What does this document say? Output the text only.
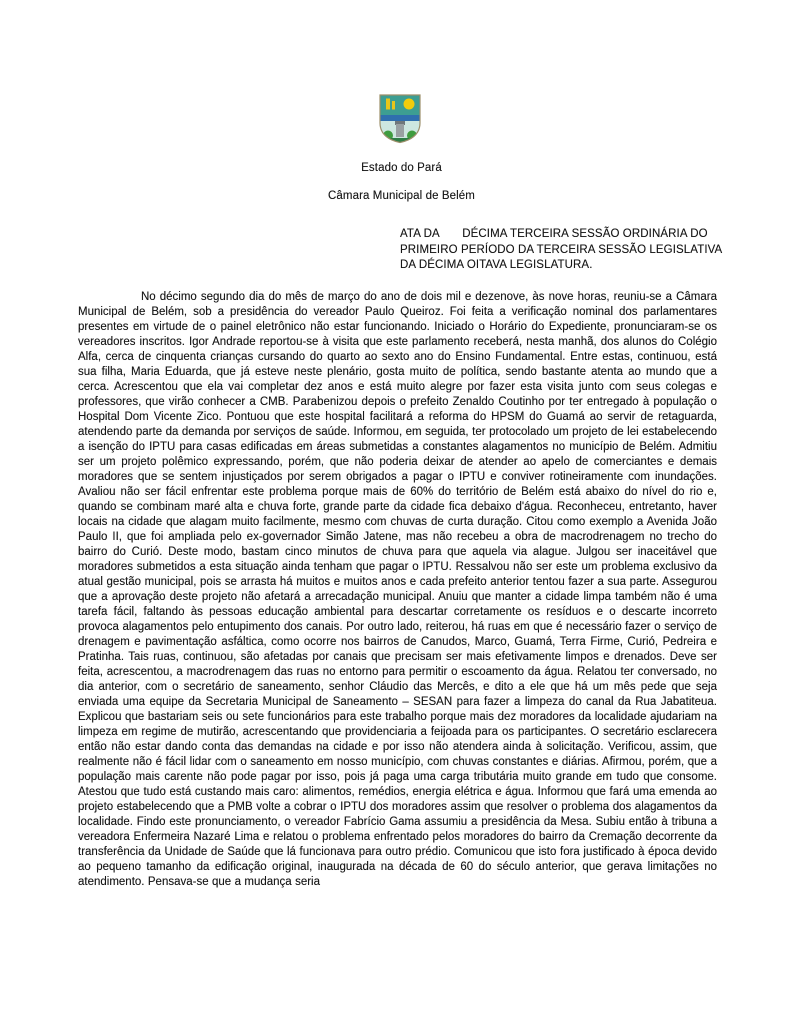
Estado do Pará
Câmara Municipal de Belém
ATA DA       DÉCIMA TERCEIRA SESSÃO ORDINÁRIA DO
PRIMEIRO PERÍODO DA TERCEIRA SESSÃO LEGISLATIVA
DA DÉCIMA OITAVA LEGISLATURA.
No décimo segundo dia do mês de março do ano de dois mil e dezenove, às nove horas, reuniu-se a Câmara Municipal de Belém, sob a presidência do vereador Paulo Queiroz. Foi feita a verificação nominal dos parlamentares presentes em virtude de o painel eletrônico não estar funcionando. Iniciado o Horário do Expediente, pronunciaram-se os vereadores inscritos. Igor Andrade reportou-se à visita que este parlamento receberá, nesta manhã, dos alunos do Colégio Alfa, cerca de cinquenta crianças cursando do quarto ao sexto ano do Ensino Fundamental. Entre estas, continuou, está sua filha, Maria Eduarda, que já esteve neste plenário, gosta muito de política, sendo bastante atenta ao mundo que a cerca. Acrescentou que ela vai completar dez anos e está muito alegre por fazer esta visita junto com seus colegas e professores, que virão conhecer a CMB. Parabenizou depois o prefeito Zenaldo Coutinho por ter entregado à população o Hospital Dom Vicente Zico. Pontuou que este hospital facilitará a reforma do HPSM do Guamá ao servir de retaguarda, atendendo parte da demanda por serviços de saúde. Informou, em seguida, ter protocolado um projeto de lei estabelecendo a isenção do IPTU para casas edificadas em áreas submetidas a constantes alagamentos no município de Belém. Admitiu ser um projeto polêmico expressando, porém, que não poderia deixar de atender ao apelo de comerciantes e demais moradores que se sentem injustiçados por serem obrigados a pagar o IPTU e conviver rotineiramente com inundações. Avaliou não ser fácil enfrentar este problema porque mais de 60% do território de Belém está abaixo do nível do rio e, quando se combinam maré alta e chuva forte, grande parte da cidade fica debaixo d'água. Reconheceu, entretanto, haver locais na cidade que alagam muito facilmente, mesmo com chuvas de curta duração. Citou como exemplo a Avenida João Paulo II, que foi ampliada pelo ex-governador Simão Jatene, mas não recebeu a obra de macrodrenagem no trecho do bairro do Curió. Deste modo, bastam cinco minutos de chuva para que aquela via alague. Julgou ser inaceitável que moradores submetidos a esta situação ainda tenham que pagar o IPTU. Ressalvou não ser este um problema exclusivo da atual gestão municipal, pois se arrasta há muitos e muitos anos e cada prefeito anterior tentou fazer a sua parte. Assegurou que a aprovação deste projeto não afetará a arrecadação municipal. Anuiu que manter a cidade limpa também não é uma tarefa fácil, faltando às pessoas educação ambiental para descartar corretamente os resíduos e o descarte incorreto provoca alagamentos pelo entupimento dos canais. Por outro lado, reiterou, há ruas em que é necessário fazer o serviço de drenagem e pavimentação asfáltica, como ocorre nos bairros de Canudos, Marco, Guamá, Terra Firme, Curió, Pedreira e Pratinha. Tais ruas, continuou, são afetadas por canais que precisam ser mais efetivamente limpos e drenados. Deve ser feita, acrescentou, a macrodrenagem das ruas no entorno para permitir o escoamento da água. Relatou ter conversado, no dia anterior, com o secretário de saneamento, senhor Cláudio das Mercês, e dito a ele que há um mês pede que seja enviada uma equipe da Secretaria Municipal de Saneamento – SESAN para fazer a limpeza do canal da Rua Jabatiteua. Explicou que bastariam seis ou sete funcionários para este trabalho porque mais dez moradores da localidade ajudariam na limpeza em regime de mutirão, acrescentando que providenciaria a feijoada para os participantes. O secretário esclarecera então não estar dando conta das demandas na cidade e por isso não atendera ainda à solicitação. Verificou, assim, que realmente não é fácil lidar com o saneamento em nosso município, com chuvas constantes e diárias. Afirmou, porém, que a população mais carente não pode pagar por isso, pois já paga uma carga tributária muito grande em tudo que consome. Atestou que tudo está custando mais caro: alimentos, remédios, energia elétrica e água. Informou que fará uma emenda ao projeto estabelecendo que a PMB volte a cobrar o IPTU dos moradores assim que resolver o problema dos alagamentos da localidade. Findo este pronunciamento, o vereador Fabrício Gama assumiu a presidência da Mesa. Subiu então à tribuna a vereadora Enfermeira Nazaré Lima e relatou o problema enfrentado pelos moradores do bairro da Cremação decorrente da transferência da Unidade de Saúde que lá funcionava para outro prédio. Comunicou que isto fora justificado à época devido ao pequeno tamanho da edificação original, inaugurada na década de 60 do século anterior, que gerava limitações no atendimento. Pensava-se que a mudança seria
